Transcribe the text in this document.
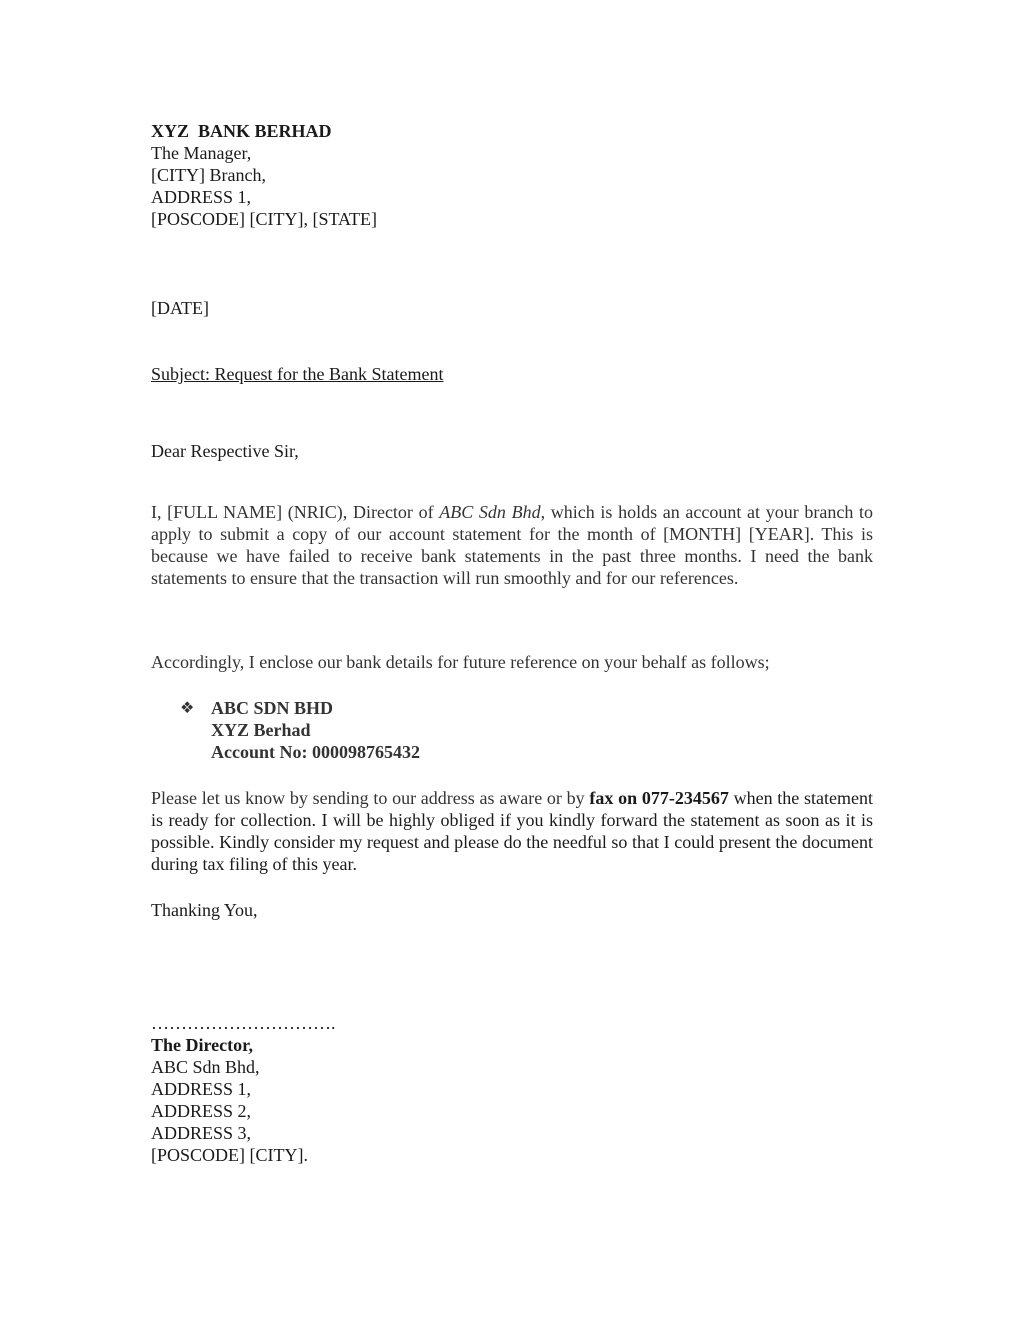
XYZ  BANK BERHAD
The Manager,
[CITY] Branch,
ADDRESS 1,
[POSCODE] [CITY], [STATE]
[DATE]
Subject: Request for the Bank Statement
Dear Respective Sir,
I, [FULL NAME] (NRIC), Director of ABC Sdn Bhd, which is holds an account at your branch to apply to submit a copy of our account statement for the month of [MONTH] [YEAR]. This is because we have failed to receive bank statements in the past three months. I need the bank statements to ensure that the transaction will run smoothly and for our references.
Accordingly, I enclose our bank details for future reference on your behalf as follows;
❖ ABC SDN BHD
XYZ Berhad
Account No: 000098765432
Please let us know by sending to our address as aware or by fax on 077-234567 when the statement is ready for collection. I will be highly obliged if you kindly forward the statement as soon as it is possible. Kindly consider my request and please do the needful so that I could present the document during tax filing of this year.
Thanking You,
………………………….
The Director,
ABC Sdn Bhd,
ADDRESS 1,
ADDRESS 2,
ADDRESS 3,
[POSCODE] [CITY].
